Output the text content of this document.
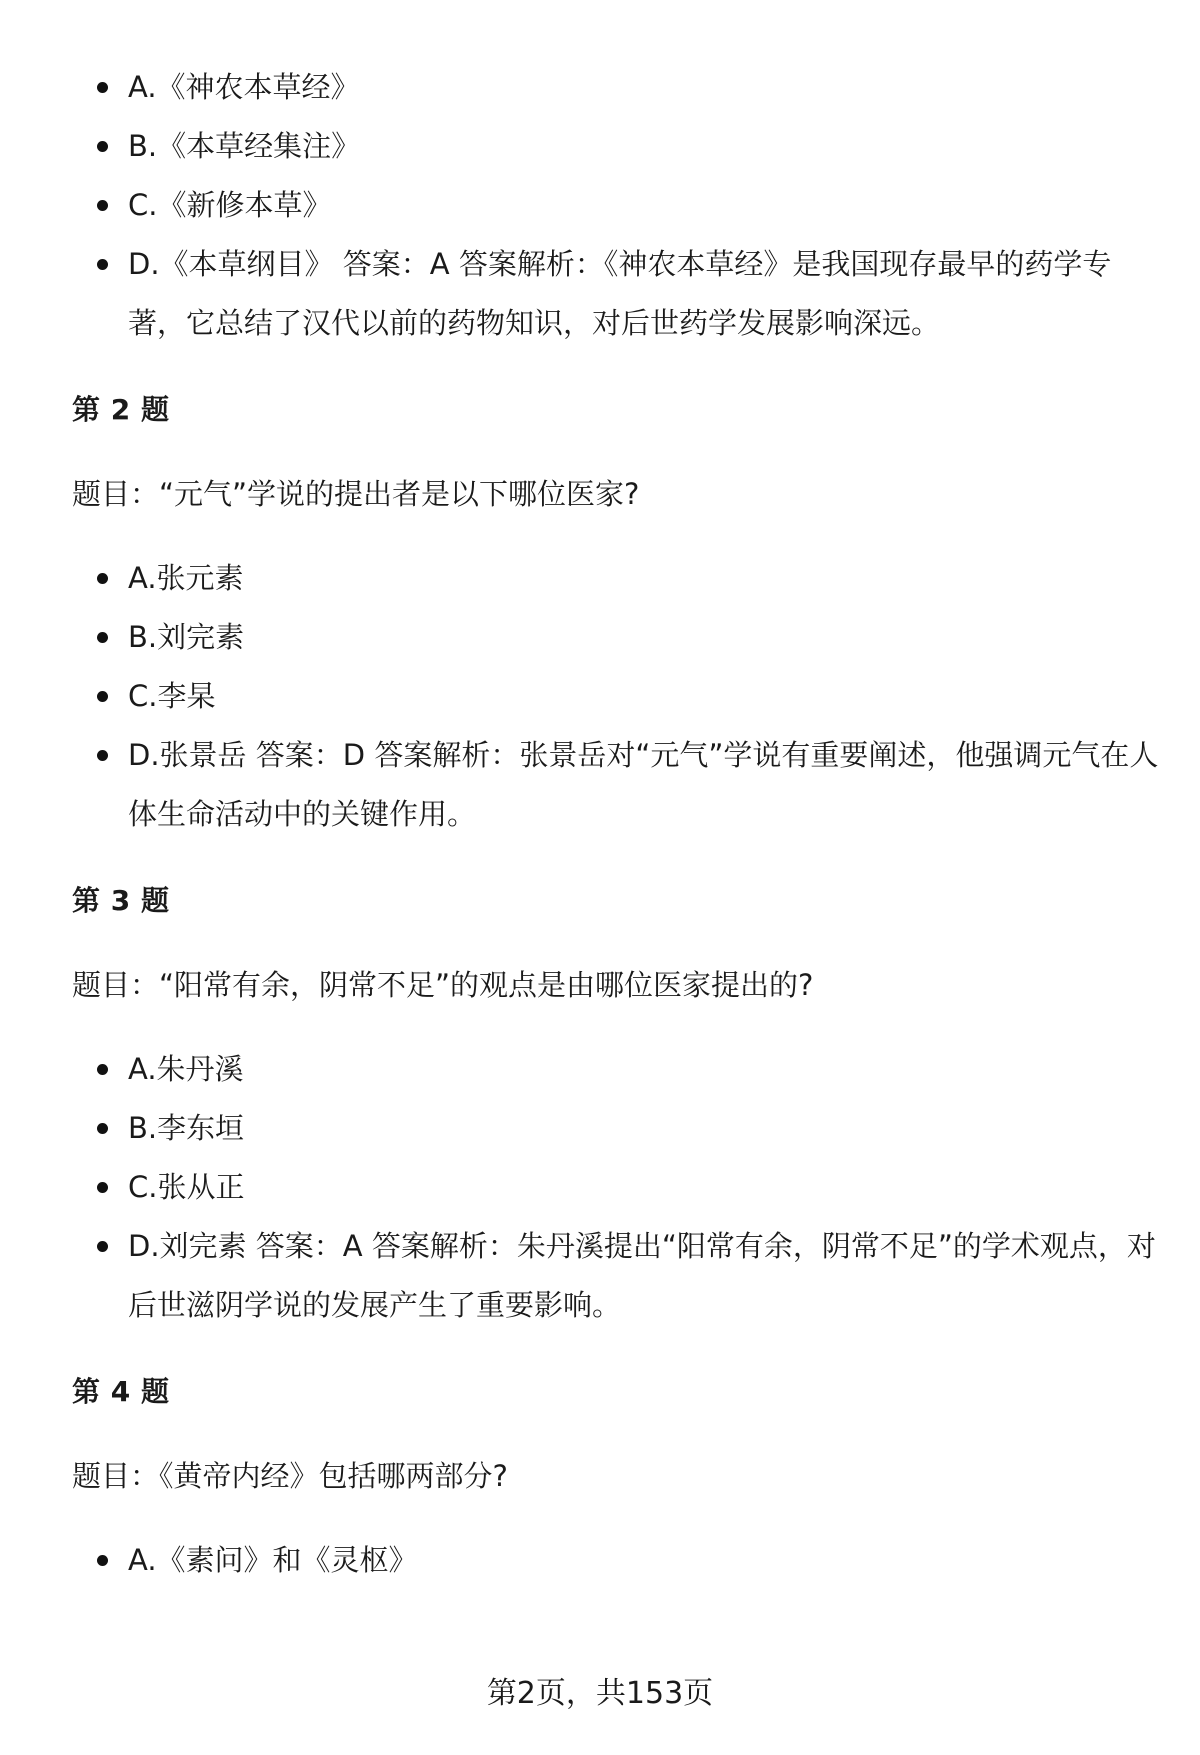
A.《神农本草经》
B.《本草经集注》
C.《新修本草》
D.《本草纲目》 答案：A 答案解析：《神农本草经》是我国现存最早的药学专著，它总结了汉代以前的药物知识，对后世药学发展影响深远。
第 2 题
题目：“元气”学说的提出者是以下哪位医家?
A.张元素
B.刘完素
C.李杲
D.张景岳 答案：D 答案解析：张景岳对“元气”学说有重要阐述，他强调元气在人体生命活动中的关键作用。
第 3 题
题目：“阳常有余，阴常不足”的观点是由哪位医家提出的?
A.朱丹溪
B.李东垣
C.张从正
D.刘完素 答案：A 答案解析：朱丹溪提出“阳常有余，阴常不足”的学术观点，对后世滋阴学说的发展产生了重要影响。
第 4 题
题目：《黄帝内经》包括哪两部分?
A.《素问》和《灵枢》
第2页，共153页
